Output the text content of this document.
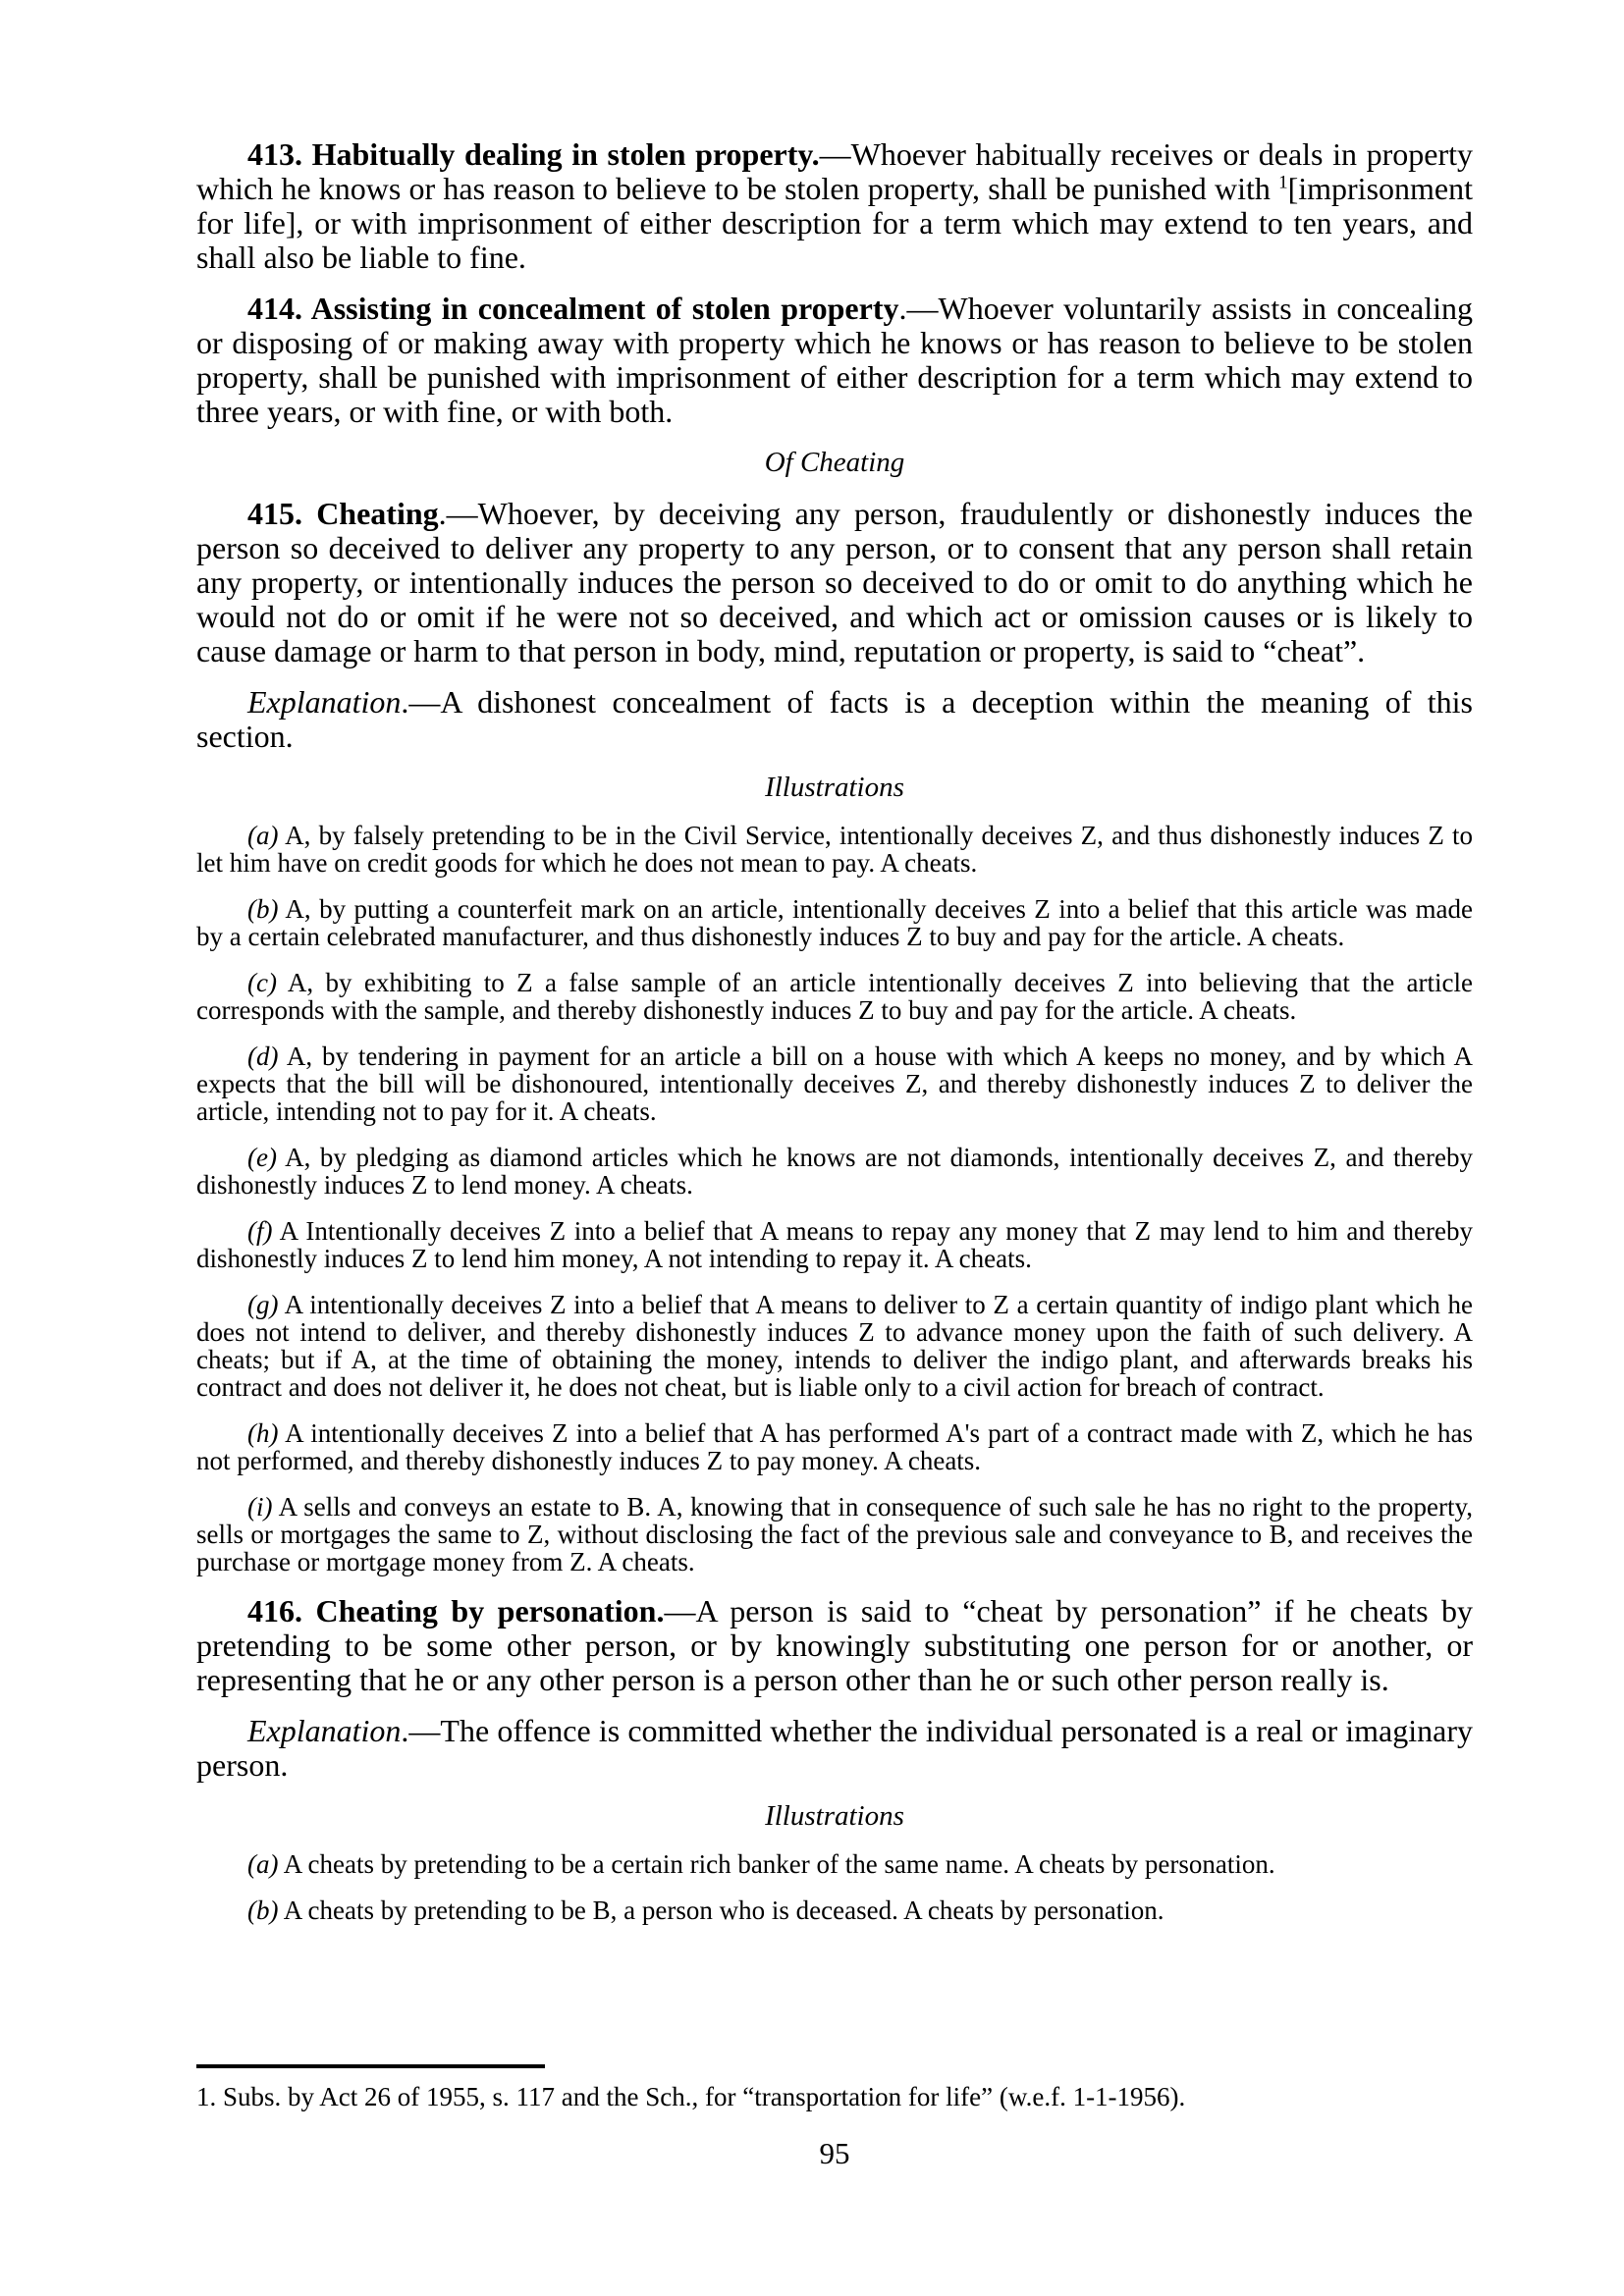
413. Habitually dealing in stolen property.—Whoever habitually receives or deals in property which he knows or has reason to believe to be stolen property, shall be punished with $^1$[imprisonment for life], or with imprisonment of either description for a term which may extend to ten years, and shall also be liable to fine.

414. Assisting in concealment of stolen property.—Whoever voluntarily assists in concealing or disposing of or making away with property which he knows or has reason to believe to be stolen property, shall be punished with imprisonment of either description for a term which may extend to three years, or with fine, or with both.

Of Cheating

415. Cheating.—Whoever, by deceiving any person, fraudulently or dishonestly induces the person so deceived to deliver any property to any person, or to consent that any person shall retain any property, or intentionally induces the person so deceived to do or omit to do anything which he would not do or omit if he were not so deceived, and which act or omission causes or is likely to cause damage or harm to that person in body, mind, reputation or property, is said to “cheat”.

Explanation.—A dishonest concealment of facts is a deception within the meaning of this section.

Illustrations

(a) A, by falsely pretending to be in the Civil Service, intentionally deceives Z, and thus dishonestly induces Z to let him have on credit goods for which he does not mean to pay. A cheats.

(b) A, by putting a counterfeit mark on an article, intentionally deceives Z into a belief that this article was made by a certain celebrated manufacturer, and thus dishonestly induces Z to buy and pay for the article. A cheats.

(c) A, by exhibiting to Z a false sample of an article intentionally deceives Z into believing that the article corresponds with the sample, and thereby dishonestly induces Z to buy and pay for the article. A cheats.

(d) A, by tendering in payment for an article a bill on a house with which A keeps no money, and by which A expects that the bill will be dishonoured, intentionally deceives Z, and thereby dishonestly induces Z to deliver the article, intending not to pay for it. A cheats.

(e) A, by pledging as diamond articles which he knows are not diamonds, intentionally deceives Z, and thereby dishonestly induces Z to lend money. A cheats.

(f) A Intentionally deceives Z into a belief that A means to repay any money that Z may lend to him and thereby dishonestly induces Z to lend him money, A not intending to repay it. A cheats.

(g) A intentionally deceives Z into a belief that A means to deliver to Z a certain quantity of indigo plant which he does not intend to deliver, and thereby dishonestly induces Z to advance money upon the faith of such delivery. A cheats; but if A, at the time of obtaining the money, intends to deliver the indigo plant, and afterwards breaks his contract and does not deliver it, he does not cheat, but is liable only to a civil action for breach of contract.

(h) A intentionally deceives Z into a belief that A has performed A's part of a contract made with Z, which he has not performed, and thereby dishonestly induces Z to pay money. A cheats.

(i) A sells and conveys an estate to B. A, knowing that in consequence of such sale he has no right to the property, sells or mortgages the same to Z, without disclosing the fact of the previous sale and conveyance to B, and receives the purchase or mortgage money from Z. A cheats.

416. Cheating by personation.—A person is said to “cheat by personation” if he cheats by pretending to be some other person, or by knowingly substituting one person for or another, or representing that he or any other person is a person other than he or such other person really is.

Explanation.—The offence is committed whether the individual personated is a real or imaginary person.

Illustrations

(a) A cheats by pretending to be a certain rich banker of the same name. A cheats by personation.

(b) A cheats by pretending to be B, a person who is deceased. A cheats by personation.

1. Subs. by Act 26 of 1955, s. 117 and the Sch., for “transportation for life” (w.e.f. 1-1-1956).

95
